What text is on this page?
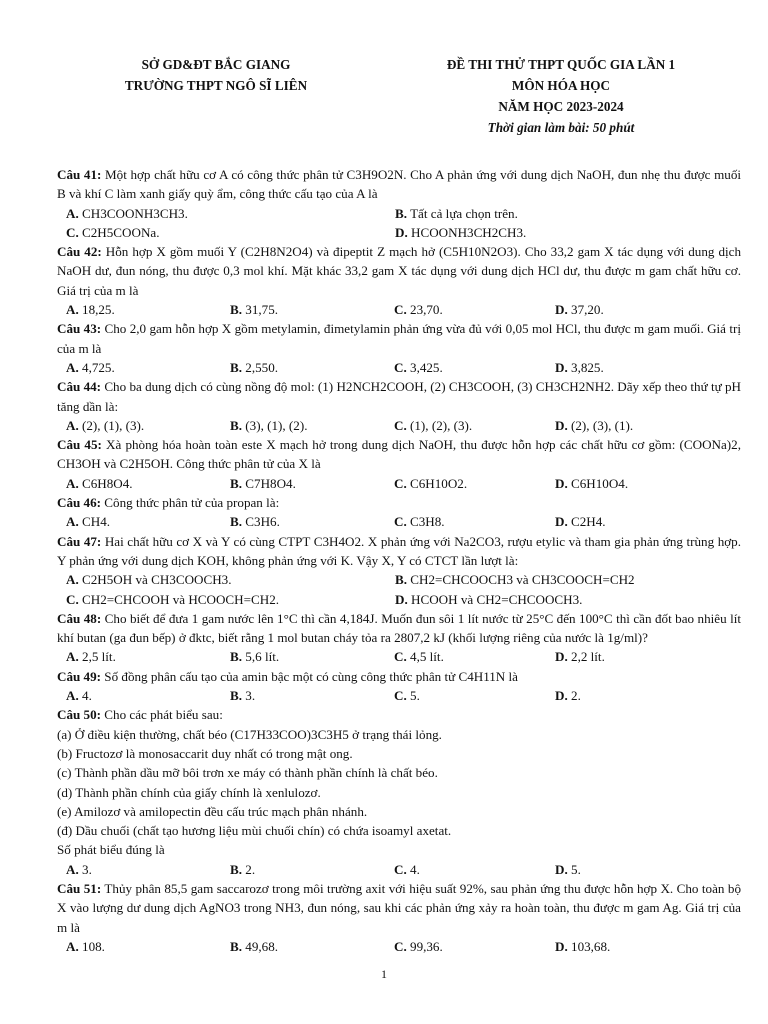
SỞ GD&ĐT BẮC GIANG
TRƯỜNG THPT NGÔ SĨ LIÊN
ĐỀ THI THỬ THPT QUỐC GIA LẦN 1
MÔN HÓA HỌC
NĂM HỌC 2023-2024
Thời gian làm bài: 50 phút

Câu 41: Một hợp chất hữu cơ A có công thức phân tử C3H9O2N. Cho A phản ứng với dung dịch NaOH, đun nhẹ thu được muối B và khí C làm xanh giấy quỳ ẩm, công thức cấu tạo của A là

A. CH3COONH3CH3.	B. Tất cả lựa chọn trên.
C. C2H5COONa.	D. HCOONH3CH2CH3.

Câu 42: Hỗn hợp X gồm muối Y (C2H8N2O4) và đipeptit Z mạch hở (C5H10N2O3). Cho 33,2 gam X tác dụng với dung dịch NaOH dư, đun nóng, thu được 0,3 mol khí. Mặt khác 33,2 gam X tác dụng với dung dịch HCl dư, thu được m gam chất hữu cơ. Giá trị của m là

A. 18,25.	B. 31,75.	C. 23,70.	D. 37,20.

Câu 43: Cho 2,0 gam hỗn hợp X gồm metylamin, đimetylamin phản ứng vừa đủ với 0,05 mol HCl, thu được m gam muối. Giá trị của m là

A. 4,725.	B. 2,550.	C. 3,425.	D. 3,825.

Câu 44: Cho ba dung dịch có cùng nồng độ mol: (1) H2NCH2COOH, (2) CH3COOH, (3) CH3CH2NH2. Dãy xếp theo thứ tự pH tăng dần là:

A. (2), (1), (3).	B. (3), (1), (2).	C. (1), (2), (3).	D. (2), (3), (1).

Câu 45: Xà phòng hóa hoàn toàn este X mạch hở trong dung dịch NaOH, thu được hỗn hợp các chất hữu cơ gồm: (COONa)2, CH3OH và C2H5OH. Công thức phân tử của X là

A. C6H8O4.	B. C7H8O4.	C. C6H10O2.	D. C6H10O4.

Câu 46: Công thức phân tử của propan là:

A. CH4.	B. C3H6.	C. C3H8.	D. C2H4.

Câu 47: Hai chất hữu cơ X và Y có cùng CTPT C3H4O2. X phản ứng với Na2CO3, rượu etylic và tham gia phản ứng trùng hợp. Y phản ứng với dung dịch KOH, không phản ứng với K. Vậy X, Y có CTCT lần lượt là:

A. C2H5OH và CH3COOCH3.	B. CH2=CHCOOCH3 và CH3COOCH=CH2
C. CH2=CHCOOH và HCOOCH=CH2.	D. HCOOH và CH2=CHCOOCH3.

Câu 48: Cho biết để đưa 1 gam nước lên 1°C thì cần 4,184J. Muốn đun sôi 1 lít nước từ 25°C đến 100°C thì cần đốt bao nhiêu lít khí butan (ga đun bếp) ở đktc, biết rằng 1 mol butan cháy tỏa ra 2807,2 kJ (khối lượng riêng của nước là 1g/ml)?

A. 2,5 lít.	B. 5,6 lít.	C. 4,5 lít.	D. 2,2 lít.

Câu 49: Số đồng phân cấu tạo của amin bậc một có cùng công thức phân tử C4H11N là

A. 4.	B. 3.	C. 5.	D. 2.

Câu 50: Cho các phát biểu sau:

(a) Ở điều kiện thường, chất béo (C17H33COO)3C3H5 ở trạng thái lỏng.

(b) Fructozơ là monosaccarit duy nhất có trong mật ong.

(c) Thành phần dầu mỡ bôi trơn xe máy có thành phần chính là chất béo.

(d) Thành phần chính của giấy chính là xenlulozơ.

(e) Amilozơ và amilopectin đều cấu trúc mạch phân nhánh.

(đ) Dầu chuối (chất tạo hương liệu mùi chuối chín) có chứa isoamyl axetat.

Số phát biểu đúng là

A. 3.	B. 2.	C. 4.	D. 5.

Câu 51: Thủy phân 85,5 gam saccarozơ trong môi trường axit với hiệu suất 92%, sau phản ứng thu được hỗn hợp X. Cho toàn bộ X vào lượng dư dung dịch AgNO3 trong NH3, đun nóng, sau khi các phản ứng xảy ra hoàn toàn, thu được m gam Ag. Giá trị của m là

A. 108.	B. 49,68.	C. 99,36.	D. 103,68.
1
